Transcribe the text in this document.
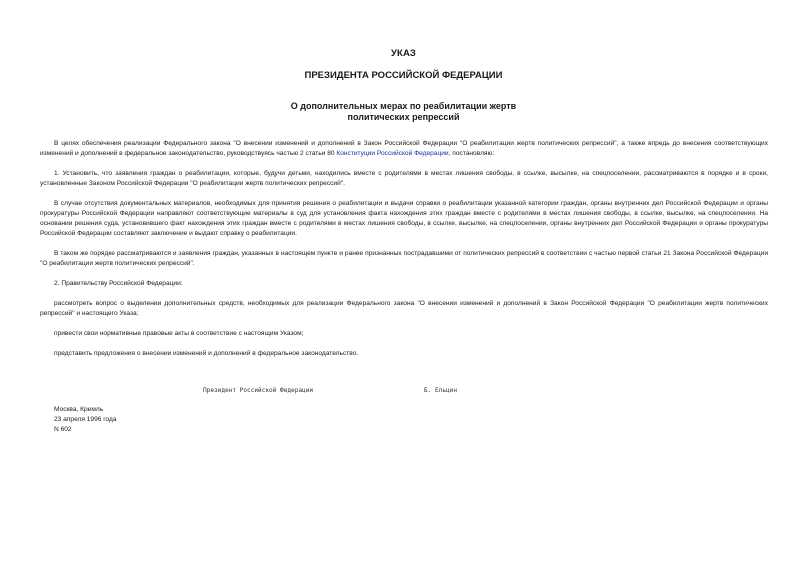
УКАЗ
ПРЕЗИДЕНТА РОССИЙСКОЙ ФЕДЕРАЦИИ
О дополнительных мерах по реабилитации жертв
политических репрессий

В целях обеспечения реализации Федерального закона "О внесении изменений и дополнений в Закон Российской Федерации "О реабилитации жертв политических репрессий", а также впредь до внесения соответствующих изменений и дополнений в федеральное законодательство, руководствуясь частью 2 статьи 80 Конституции Российской Федерации, постановляю:

1. Установить, что заявления граждан о реабилитации, которые, будучи детьми, находились вместе с родителями в местах лишения свободы, в ссылке, высылке, на спецпоселении, рассматриваются в порядке и в сроки, установленные Законом Российской Федерации "О реабилитации жертв политических репрессий".

В случае отсутствия документальных материалов, необходимых для принятия решения о реабилитации и выдачи справки о реабилитации указанной категории граждан, органы внутренних дел Российской Федерации и органы прокуратуры Российской Федерации направляют соответствующие материалы в суд для установления факта нахождения этих граждан вместе с родителями в местах лишения свободы, в ссылке, высылке, на спецпоселении. На основании решения суда, установившего факт нахождения этих граждан вместе с родителями в местах лишения свободы, в ссылке, высылке, на спецпоселении, органы внутренних дел Российской Федерации и органы прокуратуры Российской Федерации составляют заключение и выдают справку о реабилитации.

В таком же порядке рассматриваются и заявления граждан, указанных в настоящем пункте и ранее признанных пострадавшими от политических репрессий в соответствии с частью первой статьи 21 Закона Российской Федерации "О реабилитации жертв политических репрессий".

2. Правительству Российской Федерации:

рассмотреть вопрос о выделении дополнительных средств, необходимых для реализации Федерального закона "О внесении изменений и дополнений в Закон Российской Федерации "О реабилитации жертв политических репрессий" и настоящего Указа;

привести свои нормативные правовые акты в соответствие с настоящим Указом;

представить предложения о внесении изменений и дополнений в федеральное законодательство.

Президент Российской Федерации	Б. Ельцин
Москва, Кремль
23 апреля 1996 года
N 602
